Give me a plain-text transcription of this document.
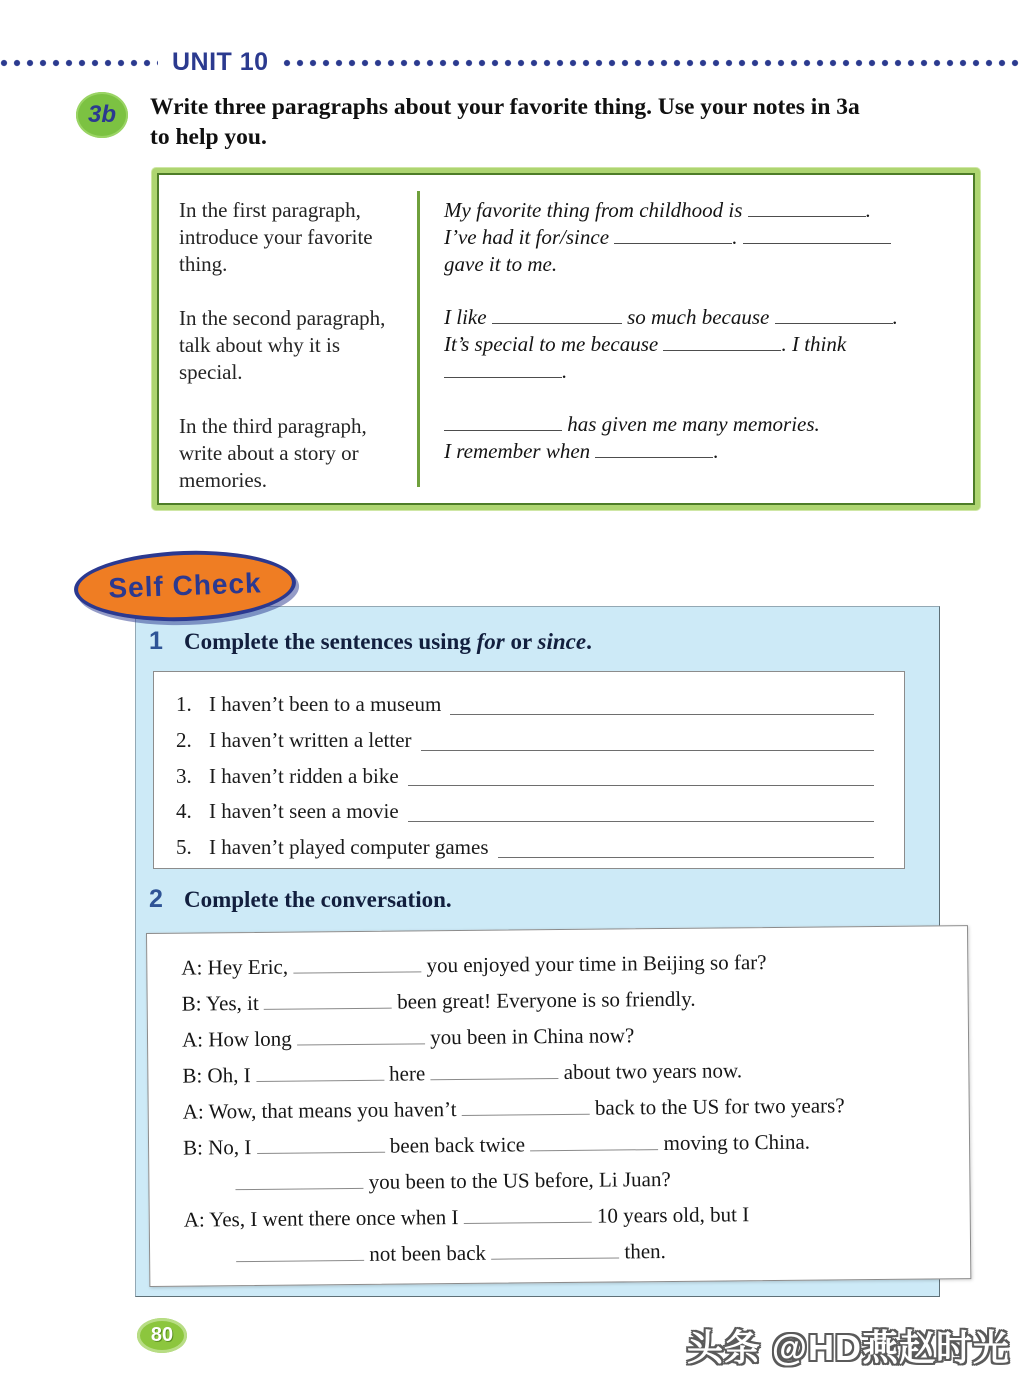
UNIT 10
3b	Write three paragraphs about your favorite thing. Use your notes in 3a
to help you.

In the first paragraph, introduce your favorite thing.

In the second paragraph, talk about why it is special.

In the third paragraph, write about a story or memories.

My favorite thing from childhood is	.
I’ve had it for/since	.
gave it to me.
I like	so much because	.
It’s special to me because	. I think
.
has given me many memories.
I remember when	.
Self Check
1 Complete the sentences using for or since.
1. I haven’t been to a museum
2. I haven’t written a letter
3. I haven’t ridden a bike
4. I haven’t seen a movie
5. I haven’t played computer games
2 Complete the conversation.
A: Hey Eric,	you enjoyed your time in Beijing so far?
B: Yes, it	been great! Everyone is so friendly.
A: How long	you been in China now?
B: Oh, I	here	about two years now.
A: Wow, that means you haven’t	back to the US for two years?
B: No, I	been back twice	moving to China.
you been to the US before, Li Juan?
A: Yes, I went there once when I	10 years old, but I
not been back	then.
80	头条 @HD燕赵时光
